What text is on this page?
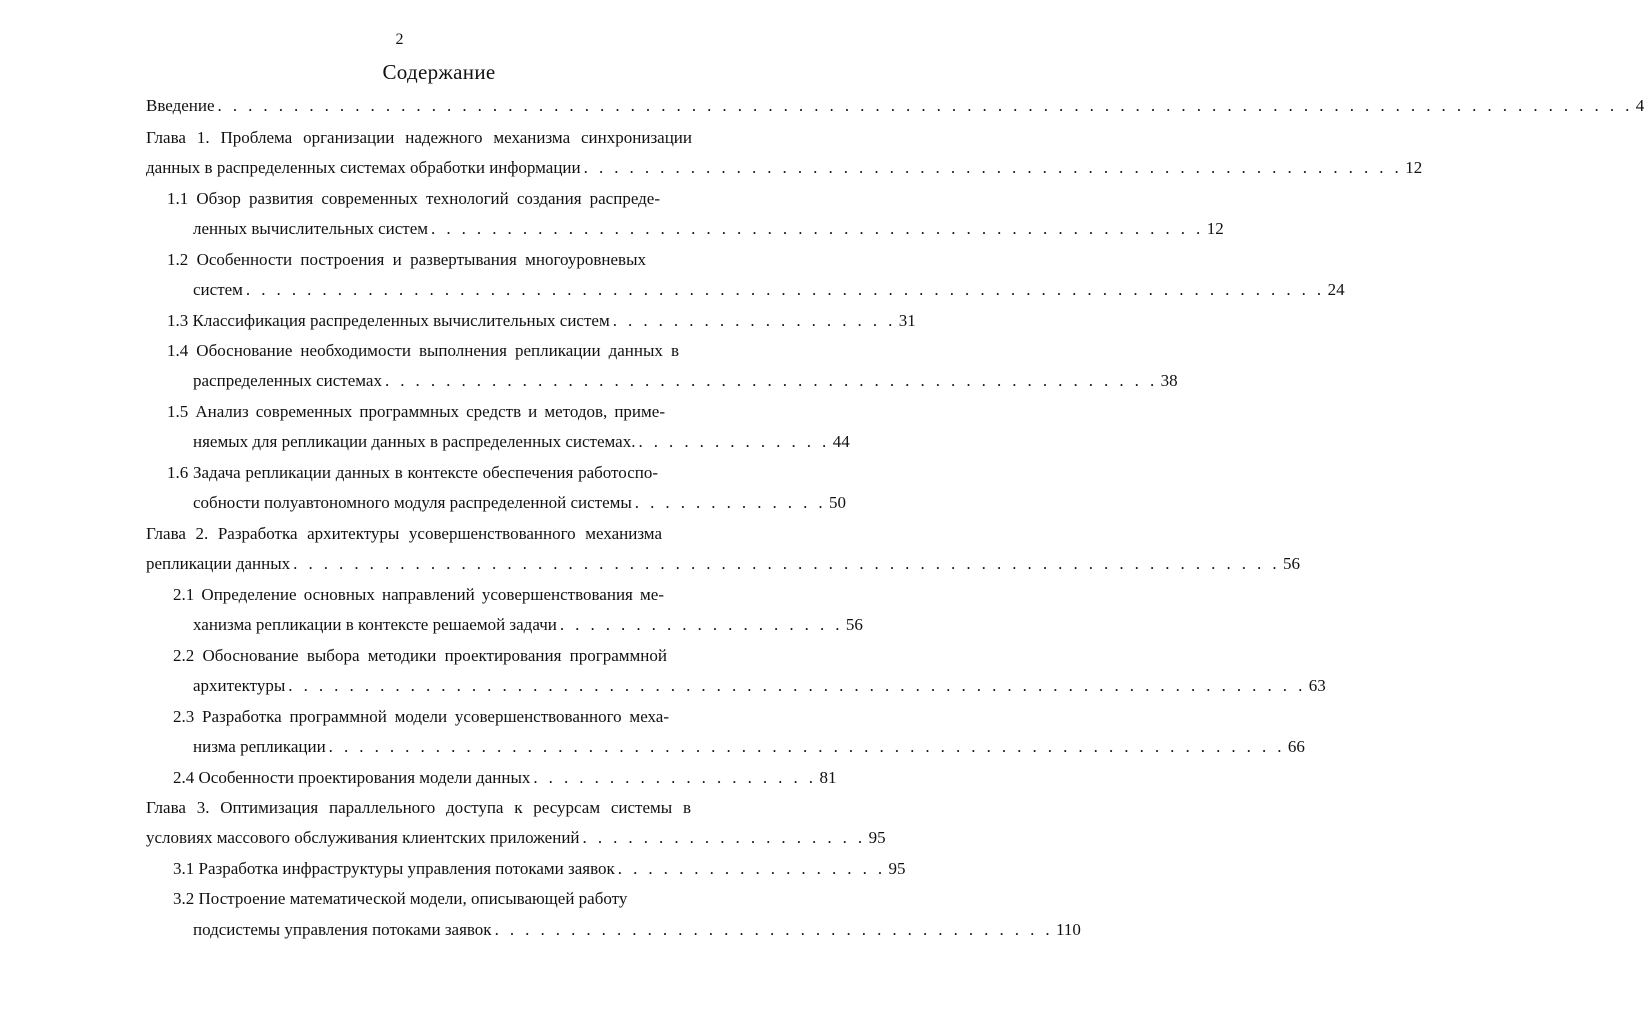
2
Содержание
Введение . . . . . . . . . . . . . . . . . . . . . . . . . . . . . . . . . . . . . . . . . . . . . . . . . . . . . . . . . . . . . . . . . . . . . . . . . . . . . . . . . . . . . . . . . . . . . 4
Глава 1. Проблема организации надежного механизма синхронизации
данных в распределенных системах обработки информации . . . . . . . . . . . . . . . . . . . . . . . . . . . . . . . . . . . . . . . . . . . . . . . . . . . . . . 12
1.1 Обзор развития современных технологий создания распреде-
ленных вычислительных систем . . . . . . . . . . . . . . . . . . . . . . . . . . . . . . . . . . . . . . . . . . . . . . . . . . . 12
1.2 Особенности построения и развертывания многоуровневых
систем . . . . . . . . . . . . . . . . . . . . . . . . . . . . . . . . . . . . . . . . . . . . . . . . . . . . . . . . . . . . . . . . . . . . . . . 24
1.3 Классификация распределенных вычислительных систем . . . . . . . . . . . . . . . . . . . 31
1.4 Обоснование необходимости выполнения репликации данных в
распределенных системах . . . . . . . . . . . . . . . . . . . . . . . . . . . . . . . . . . . . . . . . . . . . . . . . . . . 38
1.5 Анализ современных программных средств и методов, приме-
няемых для репликации данных в распределенных системах. . . . . . . . . . . . . . 44
1.6 Задача репликации данных в контексте обеспечения работоспо-
собности полуавтономного модуля распределенной системы . . . . . . . . . . . . . 50
Глава 2. Разработка архитектуры усовершенствованного механизма
репликации данных . . . . . . . . . . . . . . . . . . . . . . . . . . . . . . . . . . . . . . . . . . . . . . . . . . . . . . . . . . . . . . . . . 56
2.1 Определение основных направлений усовершенствования ме-
ханизма репликации в контексте решаемой задачи . . . . . . . . . . . . . . . . . . . 56
2.2 Обоснование выбора методики проектирования программной
архитектуры . . . . . . . . . . . . . . . . . . . . . . . . . . . . . . . . . . . . . . . . . . . . . . . . . . . . . . . . . . . . . . . . . . . 63
2.3 Разработка программной модели усовершенствованного меха-
низма репликации . . . . . . . . . . . . . . . . . . . . . . . . . . . . . . . . . . . . . . . . . . . . . . . . . . . . . . . . . . . . . . . 66
2.4 Особенности проектирования модели данных . . . . . . . . . . . . . . . . . . . 81
Глава 3. Оптимизация параллельного доступа к ресурсам системы в
условиях массового обслуживания клиентских приложений . . . . . . . . . . . . . . . . . . . 95
3.1 Разработка инфраструктуры управления потоками заявок . . . . . . . . . . . . . . . . . . 95
3.2 Построение математической модели, описывающей работу
подсистемы управления потоками заявок . . . . . . . . . . . . . . . . . . . . . . . . . . . . . . . . . . . . . 110
